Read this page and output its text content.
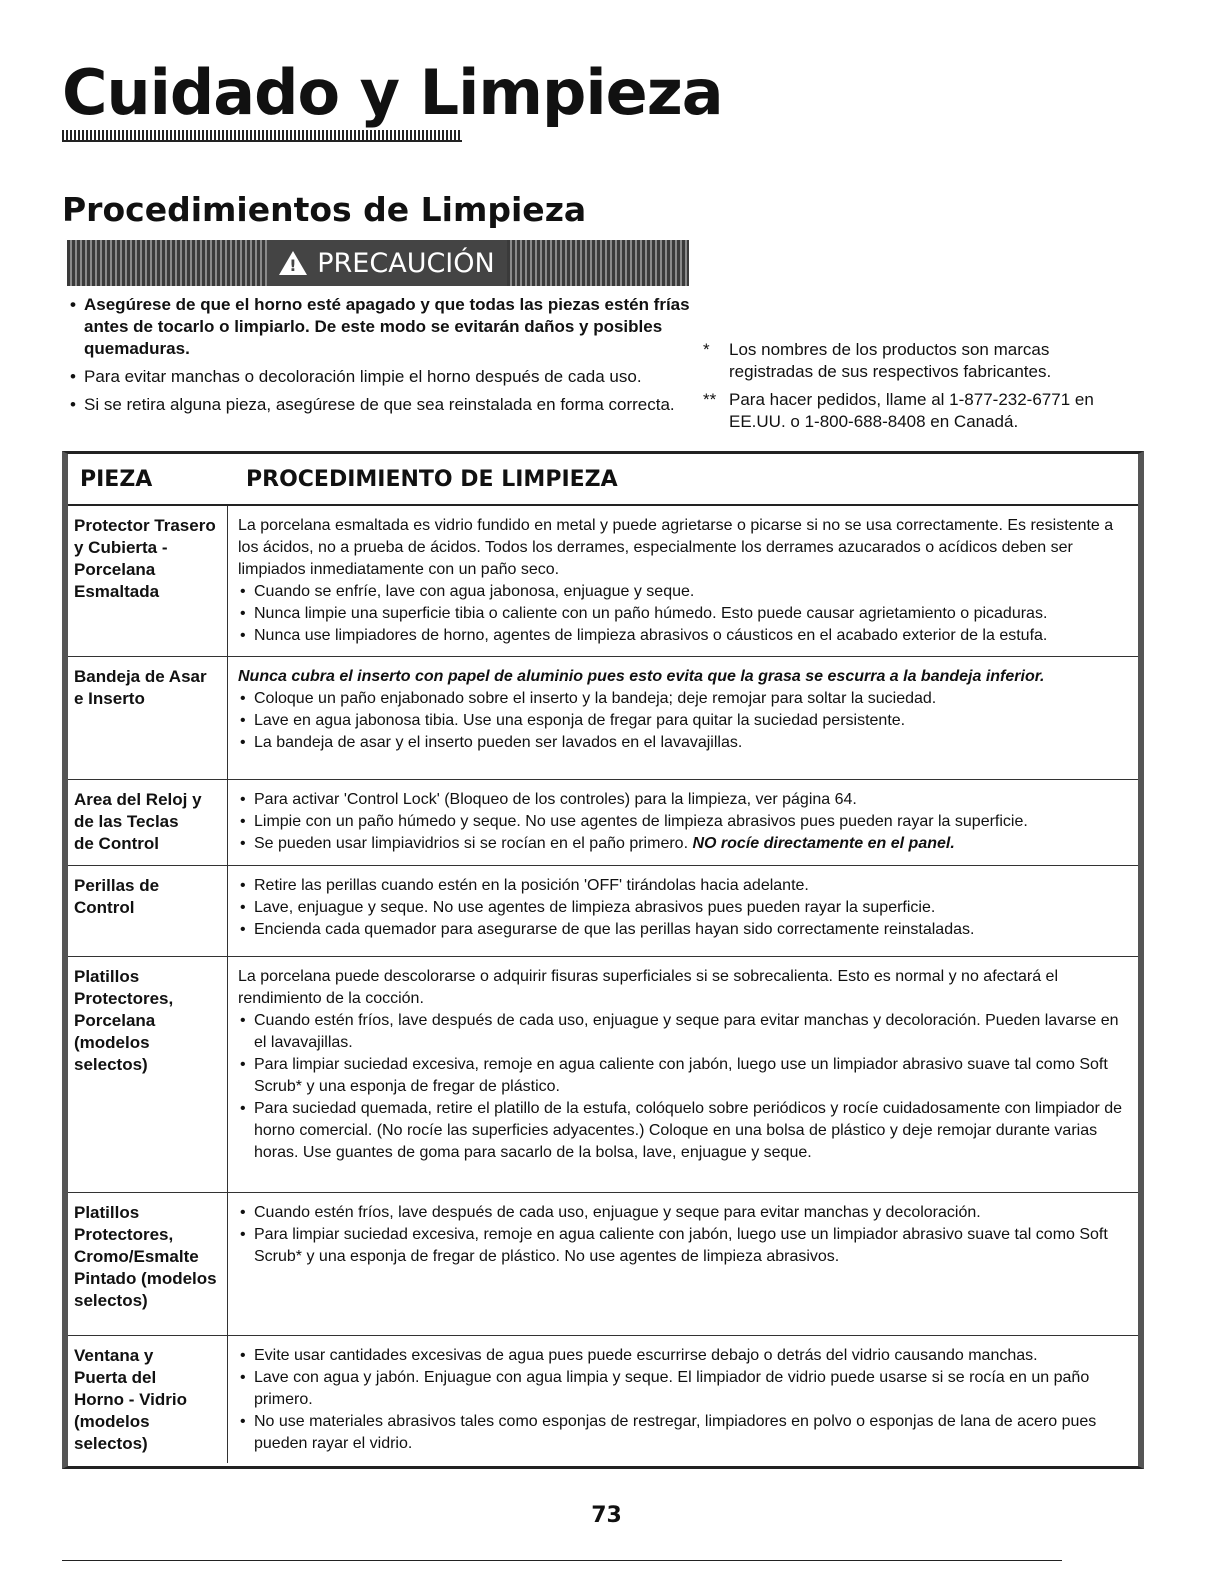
Cuidado y Limpieza
Procedimientos de Limpieza
! PRECAUCIÓN
• Asegúrese de que el horno esté apagado y que todas las piezas estén frías antes de tocarlo o limpiarlo. De este modo se evitarán daños y posibles quemaduras.
• Para evitar manchas o decoloración limpie el horno después de cada uso.
• Si se retira alguna pieza, asegúrese de que sea reinstalada en forma correcta.
* Los nombres de los productos son marcas registradas de sus respectivos fabricantes.
** Para hacer pedidos, llame al 1-877-232-6771 en EE.UU. o 1-800-688-8408 en Canadá.
PIEZA	PROCEDIMIENTO DE LIMPIEZA
Protector Trasero
y Cubierta -
Porcelana
Esmaltada

La porcelana esmaltada es vidrio fundido en metal y puede agrietarse o picarse si no se usa correctamente. Es resistente a los ácidos, no a prueba de ácidos. Todos los derrames, especialmente los derrames azucarados o acídicos deben ser limpiados inmediatamente con un paño seco.

• Cuando se enfríe, lave con agua jabonosa, enjuague y seque.
• Nunca limpie una superficie tibia o caliente con un paño húmedo. Esto puede causar agrietamiento o picaduras.
• Nunca use limpiadores de horno, agentes de limpieza abrasivos o cáusticos en el acabado exterior de la estufa.
Bandeja de Asar
e Inserto

Nunca cubra el inserto con papel de aluminio pues esto evita que la grasa se escurra a la bandeja inferior.

• Coloque un paño enjabonado sobre el inserto y la bandeja; deje remojar para soltar la suciedad.
• Lave en agua jabonosa tibia. Use una esponja de fregar para quitar la suciedad persistente.
• La bandeja de asar y el inserto pueden ser lavados en el lavavajillas.
Area del Reloj y
de las Teclas
de Control
• Para activar 'Control Lock' (Bloqueo de los controles) para la limpieza, ver página 64.
• Limpie con un paño húmedo y seque. No use agentes de limpieza abrasivos pues pueden rayar la superficie.
• Se pueden usar limpiavidrios si se rocían en el paño primero. NO rocíe directamente en el panel.
Perillas de
Control
• Retire las perillas cuando estén en la posición 'OFF' tirándolas hacia adelante.
• Lave, enjuague y seque. No use agentes de limpieza abrasivos pues pueden rayar la superficie.
• Encienda cada quemador para asegurarse de que las perillas hayan sido correctamente reinstaladas.
Platillos
Protectores,
Porcelana
(modelos
selectos)

La porcelana puede descolorarse o adquirir fisuras superficiales si se sobrecalienta. Esto es normal y no afectará el rendimiento de la cocción.

• Cuando estén fríos, lave después de cada uso, enjuague y seque para evitar manchas y decoloración. Pueden lavarse en el lavavajillas.
• Para limpiar suciedad excesiva, remoje en agua caliente con jabón, luego use un limpiador abrasivo suave tal como Soft Scrub* y una esponja de fregar de plástico.
• Para suciedad quemada, retire el platillo de la estufa, colóquelo sobre periódicos y rocíe cuidadosamente con limpiador de horno comercial. (No rocíe las superficies adyacentes.) Coloque en una bolsa de plástico y deje remojar durante varias horas. Use guantes de goma para sacarlo de la bolsa, lave, enjuague y seque.
Platillos
Protectores,
Cromo/Esmalte
Pintado (modelos
selectos)
• Cuando estén fríos, lave después de cada uso, enjuague y seque para evitar manchas y decoloración.
• Para limpiar suciedad excesiva, remoje en agua caliente con jabón, luego use un limpiador abrasivo suave tal como Soft Scrub* y una esponja de fregar de plástico. No use agentes de limpieza abrasivos.
Ventana y
Puerta del
Horno - Vidrio
(modelos
selectos)
• Evite usar cantidades excesivas de agua pues puede escurrirse debajo o detrás del vidrio causando manchas.
• Lave con agua y jabón. Enjuague con agua limpia y seque. El limpiador de vidrio puede usarse si se rocía en un paño primero.
• No use materiales abrasivos tales como esponjas de restregar, limpiadores en polvo o esponjas de lana de acero pues pueden rayar el vidrio.
73
